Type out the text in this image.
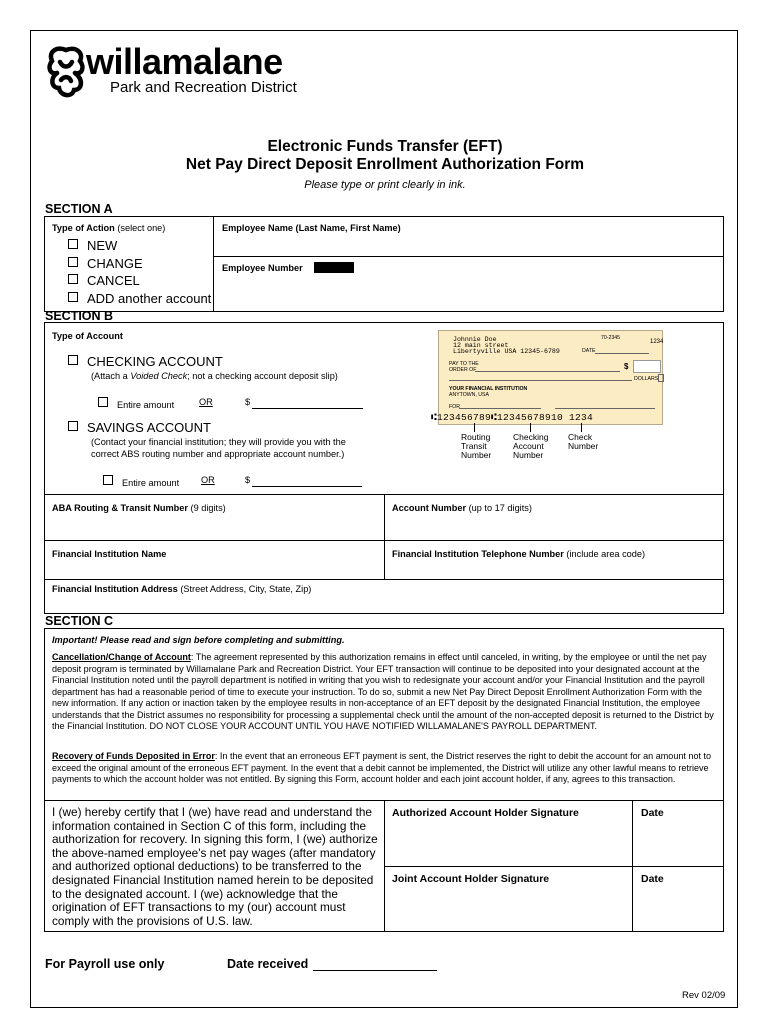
willamalane
Park and Recreation District
Electronic Funds Transfer (EFT)
Net Pay Direct Deposit Enrollment Authorization Form
Please type or print clearly in ink.
SECTION A
Type of Action (select one)
NEW
CHANGE
CANCEL
ADD another account
Employee Name (Last Name, First Name)
Employee Number
SECTION B
Type of Account
CHECKING ACCOUNT
(Attach a Voided Check; not a checking account deposit slip)
Entire amount	OR	$
SAVINGS ACCOUNT
(Contact your financial institution; they will provide you with the
correct ABS routing number and appropriate account number.)
Entire amount OR	$
Johnnie Doe
12 main street
Libertyville USA 12345-6789
70-2345
1234
DATE
PAY TO THE
ORDER OF	$
DOLLARS
YOUR FINANCIAL INSTITUTION
ANYTOWN, USA
FOR
⑆123456789⑆12345678910 1234
Routing Transit Number
Checking Account Number
Check Number
ABA Routing & Transit Number (9 digits)	Account Number (up to 17 digits)
Financial Institution Name	Financial Institution Telephone Number (include area code)
Financial Institution Address (Street Address, City, State, Zip)
SECTION C
Important! Please read and sign before completing and submitting.
Cancellation/Change of Account: The agreement represented by this authorization remains in effect until canceled, in writing, by the employee or until the net pay deposit program is terminated by Willamalane Park and Recreation District. Your EFT transaction will continue to be deposited into your designated account at the Financial Institution noted until the payroll department is notified in writing that you wish to redesignate your account and/or your Financial Institution and the payroll department has had a reasonable period of time to execute your instruction. To do so, submit a new Net Pay Direct Deposit Enrollment Authorization Form with the new information. If any action or inaction taken by the employee results in non-acceptance of an EFT deposit by the designated Financial Institution, the employee understands that the District assumes no responsibility for processing a supplemental check until the amount of the non-accepted deposit is returned to the District by the Financial Institution. DO NOT CLOSE YOUR ACCOUNT UNTIL YOU HAVE NOTIFIED WILLAMALANE'S PAYROLL DEPARTMENT.
Recovery of Funds Deposited in Error: In the event that an erroneous EFT payment is sent, the District reserves the right to debit the account for an amount not to exceed the original amount of the erroneous EFT payment. In the event that a debit cannot be implemented, the District will utilize any other lawful means to retrieve payments to which the account holder was not entitled. By signing this Form, account holder and each joint account holder, if any, agrees to this transaction.
I (we) hereby certify that I (we) have read and understand the information contained in Section C of this form, including the authorization for recovery. In signing this form, I (we) authorize the above-named employee's net pay wages (after mandatory and authorized optional deductions) to be transferred to the designated Financial Institution named herein to be deposited to the designated account. I (we) acknowledge that the origination of EFT transactions to my (our) account must comply with the provisions of U.S. law.
Authorized Account Holder Signature	Date
Joint Account Holder Signature	Date
For Payroll use only	Date received
Rev 02/09
